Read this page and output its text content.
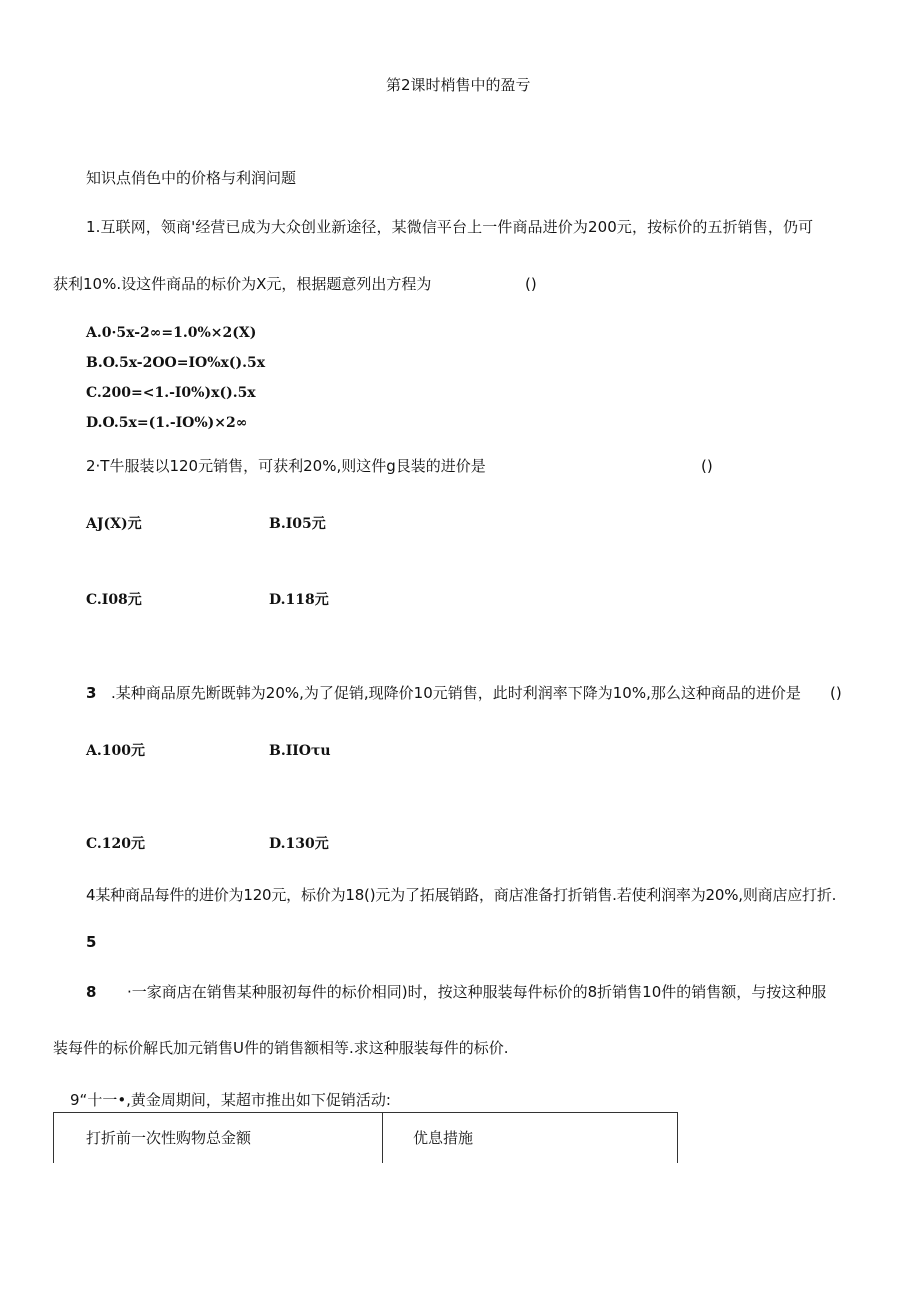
第2课时梢售中的盈亏
知识点俏色中的价格与利润问题
1.互联网，领商'经营已成为大众创业新途径，某微信平台上一件商品进价为200元，按标价的五折销售，仍可
获利10%.设这件商品的标价为X元，根据题意列出方程为	()
A.0·5x-2∞=1.0%×2(X)
B.O.5x-2OO=IO%x().5x
C.200=<1.-I0%)x().5x
D.O.5x=(1.-IO%)×2∞
2·T牛服装以120元销售，可获利20%,则这件g艮装的进价是	()
AJ(X)元	B.I05元
C.I08元	D.118元
3 .某种商品原先断既韩为20%,为了促销,现降价10元销售，此时利润率下降为10%,那么这种商品的进价是 ()
A.100元	B.IIOτu
C.120元	D.130元
4某种商品每件的进价为120元，标价为18()元为了拓展销路，商店准备打折销售.若使利润率为20%,则商店应打折.
5
8 ·一家商店在销售某种服初每件的标价相同)时，按这种服装每件标价的8折销售10件的销售额，与按这种服
装每件的标价解氏加元销售U件的销售额相等.求这种服装每件的标价.
9“十一•,黄金周期间，某超市推出如下促销活动:
打折前一次性购物总金额	优息措施
